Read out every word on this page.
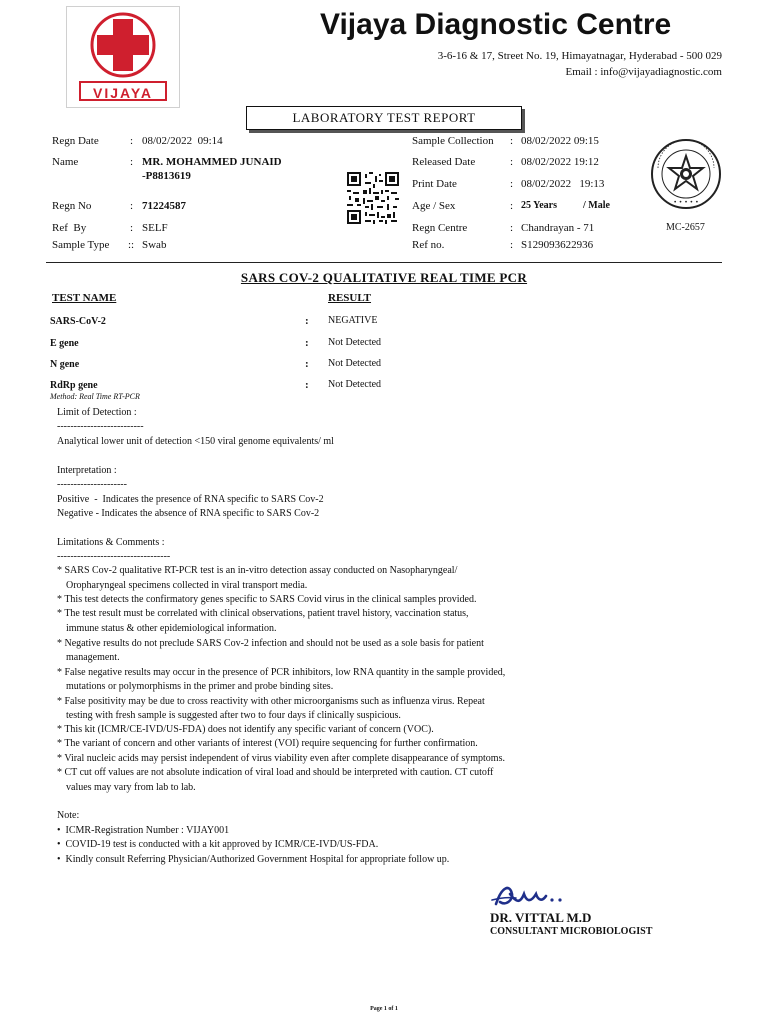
VIJAYA
Vijaya Diagnostic Centre
3-6-16 & 17, Street No. 19, Himayatnagar, Hyderabad - 500 029
Email : info@vijayadiagnostic.com
LABORATORY TEST REPORT
Regn Date	: 08/02/2022  09:14
Name	: MR. MOHAMMED JUNAID
-P8813619
Regn No	: 71224587
Ref  By	: SELF
Sample Type :: Swab
Sample Collection : 08/02/2022 09:15
Released Date	: 08/02/2022 19:12
Print Date	: 08/02/2022   19:13
Age / Sex	: 25 Years	/ Male
Regn Centre	: Chandrayan - 71
Ref no.	: S129093622936
• • • • •
MC-2657
SARS COV-2 QUALITATIVE REAL TIME PCR
TEST NAME	RESULT
SARS-CoV-2	: NEGATIVE
E gene	: Not Detected
N gene	: Not Detected
RdRp gene	: Not Detected
Method: Real Time RT-PCR
Limit of Detection :
--------------------------
Analytical lower unit of detection <150 viral genome equivalents/ ml
Interpretation :
---------------------
Positive  -  Indicates the presence of RNA specific to SARS Cov-2
Negative - Indicates the absence of RNA specific to SARS Cov-2
Limitations & Comments :
----------------------------------
* SARS Cov-2 qualitative RT-PCR test is an in-vitro detection assay conducted on Nasopharyngeal/
Oropharyngeal specimens collected in viral transport media.
* This test detects the confirmatory genes specific to SARS Covid virus in the clinical samples provided.
* The test result must be correlated with clinical observations, patient travel history, vaccination status,
immune status & other epidemiological information.
* Negative results do not preclude SARS Cov-2 infection and should not be used as a sole basis for patient
management.
* False negative results may occur in the presence of PCR inhibitors, low RNA quantity in the sample provided,
mutations or polymorphisms in the primer and probe binding sites.
* False positivity may be due to cross reactivity with other microorganisms such as influenza virus. Repeat
testing with fresh sample is suggested after two to four days if clinically suspicious.
* This kit (ICMR/CE-IVD/US-FDA) does not identify any specific variant of concern (VOC).
* The variant of concern and other variants of interest (VOI) require sequencing for further confirmation.
* Viral nucleic acids may persist independent of virus viability even after complete disappearance of symptoms.
* CT cut off values are not absolute indication of viral load and should be interpreted with caution. CT cutoff
values may vary from lab to lab.
Note:
•  ICMR-Registration Number : VIJAY001
•  COVID-19 test is conducted with a kit approved by ICMR/CE-IVD/US-FDA.
•  Kindly consult Referring Physician/Authorized Government Hospital for appropriate follow up.
DR. VITTAL M.D
CONSULTANT MICROBIOLOGIST
Page 1 of 1
